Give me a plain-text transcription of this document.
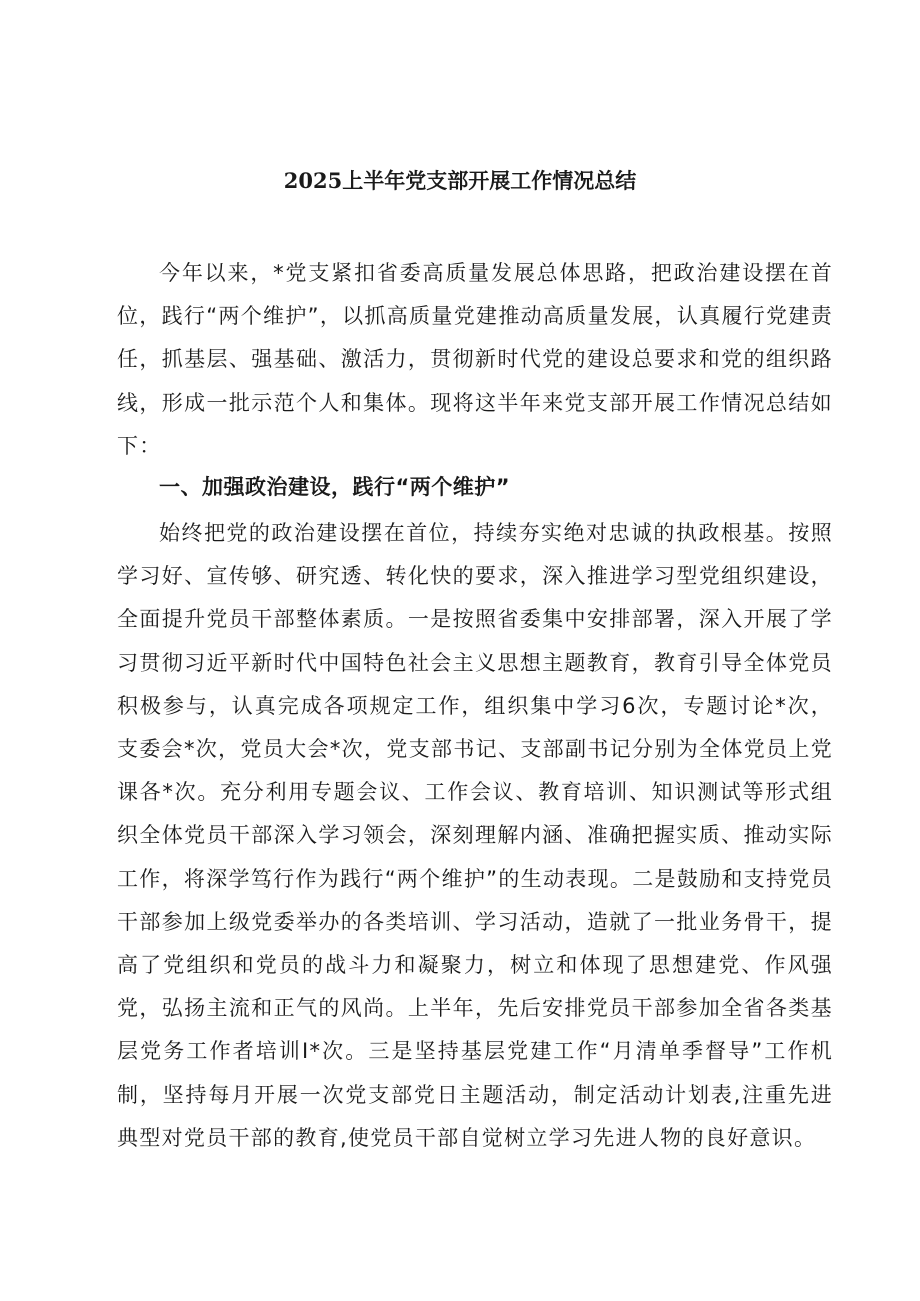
2025上半年党支部开展工作情况总结

今年以来，*党支紧扣省委高质量发展总体思路，把政治建设摆在首位，践行“两个维护”，以抓高质量党建推动高质量发展，认真履行党建责任，抓基层、强基础、激活力，贯彻新时代党的建设总要求和党的组织路线，形成一批示范个人和集体。现将这半年来党支部开展工作情况总结如下：

一、加强政治建设，践行“两个维护”

始终把党的政治建设摆在首位，持续夯实绝对忠诚的执政根基。按照学习好、宣传够、研究透、转化快的要求，深入推进学习型党组织建设，全面提升党员干部整体素质。一是按照省委集中安排部署，深入开展了学习贯彻习近平新时代中国特色社会主义思想主题教育，教育引导全体党员积极参与，认真完成各项规定工作，组织集中学习6次，专题讨论*次，支委会*次，党员大会*次，党支部书记、支部副书记分别为全体党员上党课各*次。充分利用专题会议、工作会议、教育培训、知识测试等形式组织全体党员干部深入学习领会，深刻理解内涵、准确把握实质、推动实际工作，将深学笃行作为践行“两个维护”的生动表现。二是鼓励和支持党员干部参加上级党委举办的各类培训、学习活动，造就了一批业务骨干，提高了党组织和党员的战斗力和凝聚力，树立和体现了思想建党、作风强党，弘扬主流和正气的风尚。上半年，先后安排党员干部参加全省各类基层党务工作者培训I*次。三是坚持基层党建工作“月清单季督导”工作机制，坚持每月开展一次党支部党日主题活动，制定活动计划表,注重先进典型对党员干部的教育,使党员干部自觉树立学习先进人物的良好意识。
